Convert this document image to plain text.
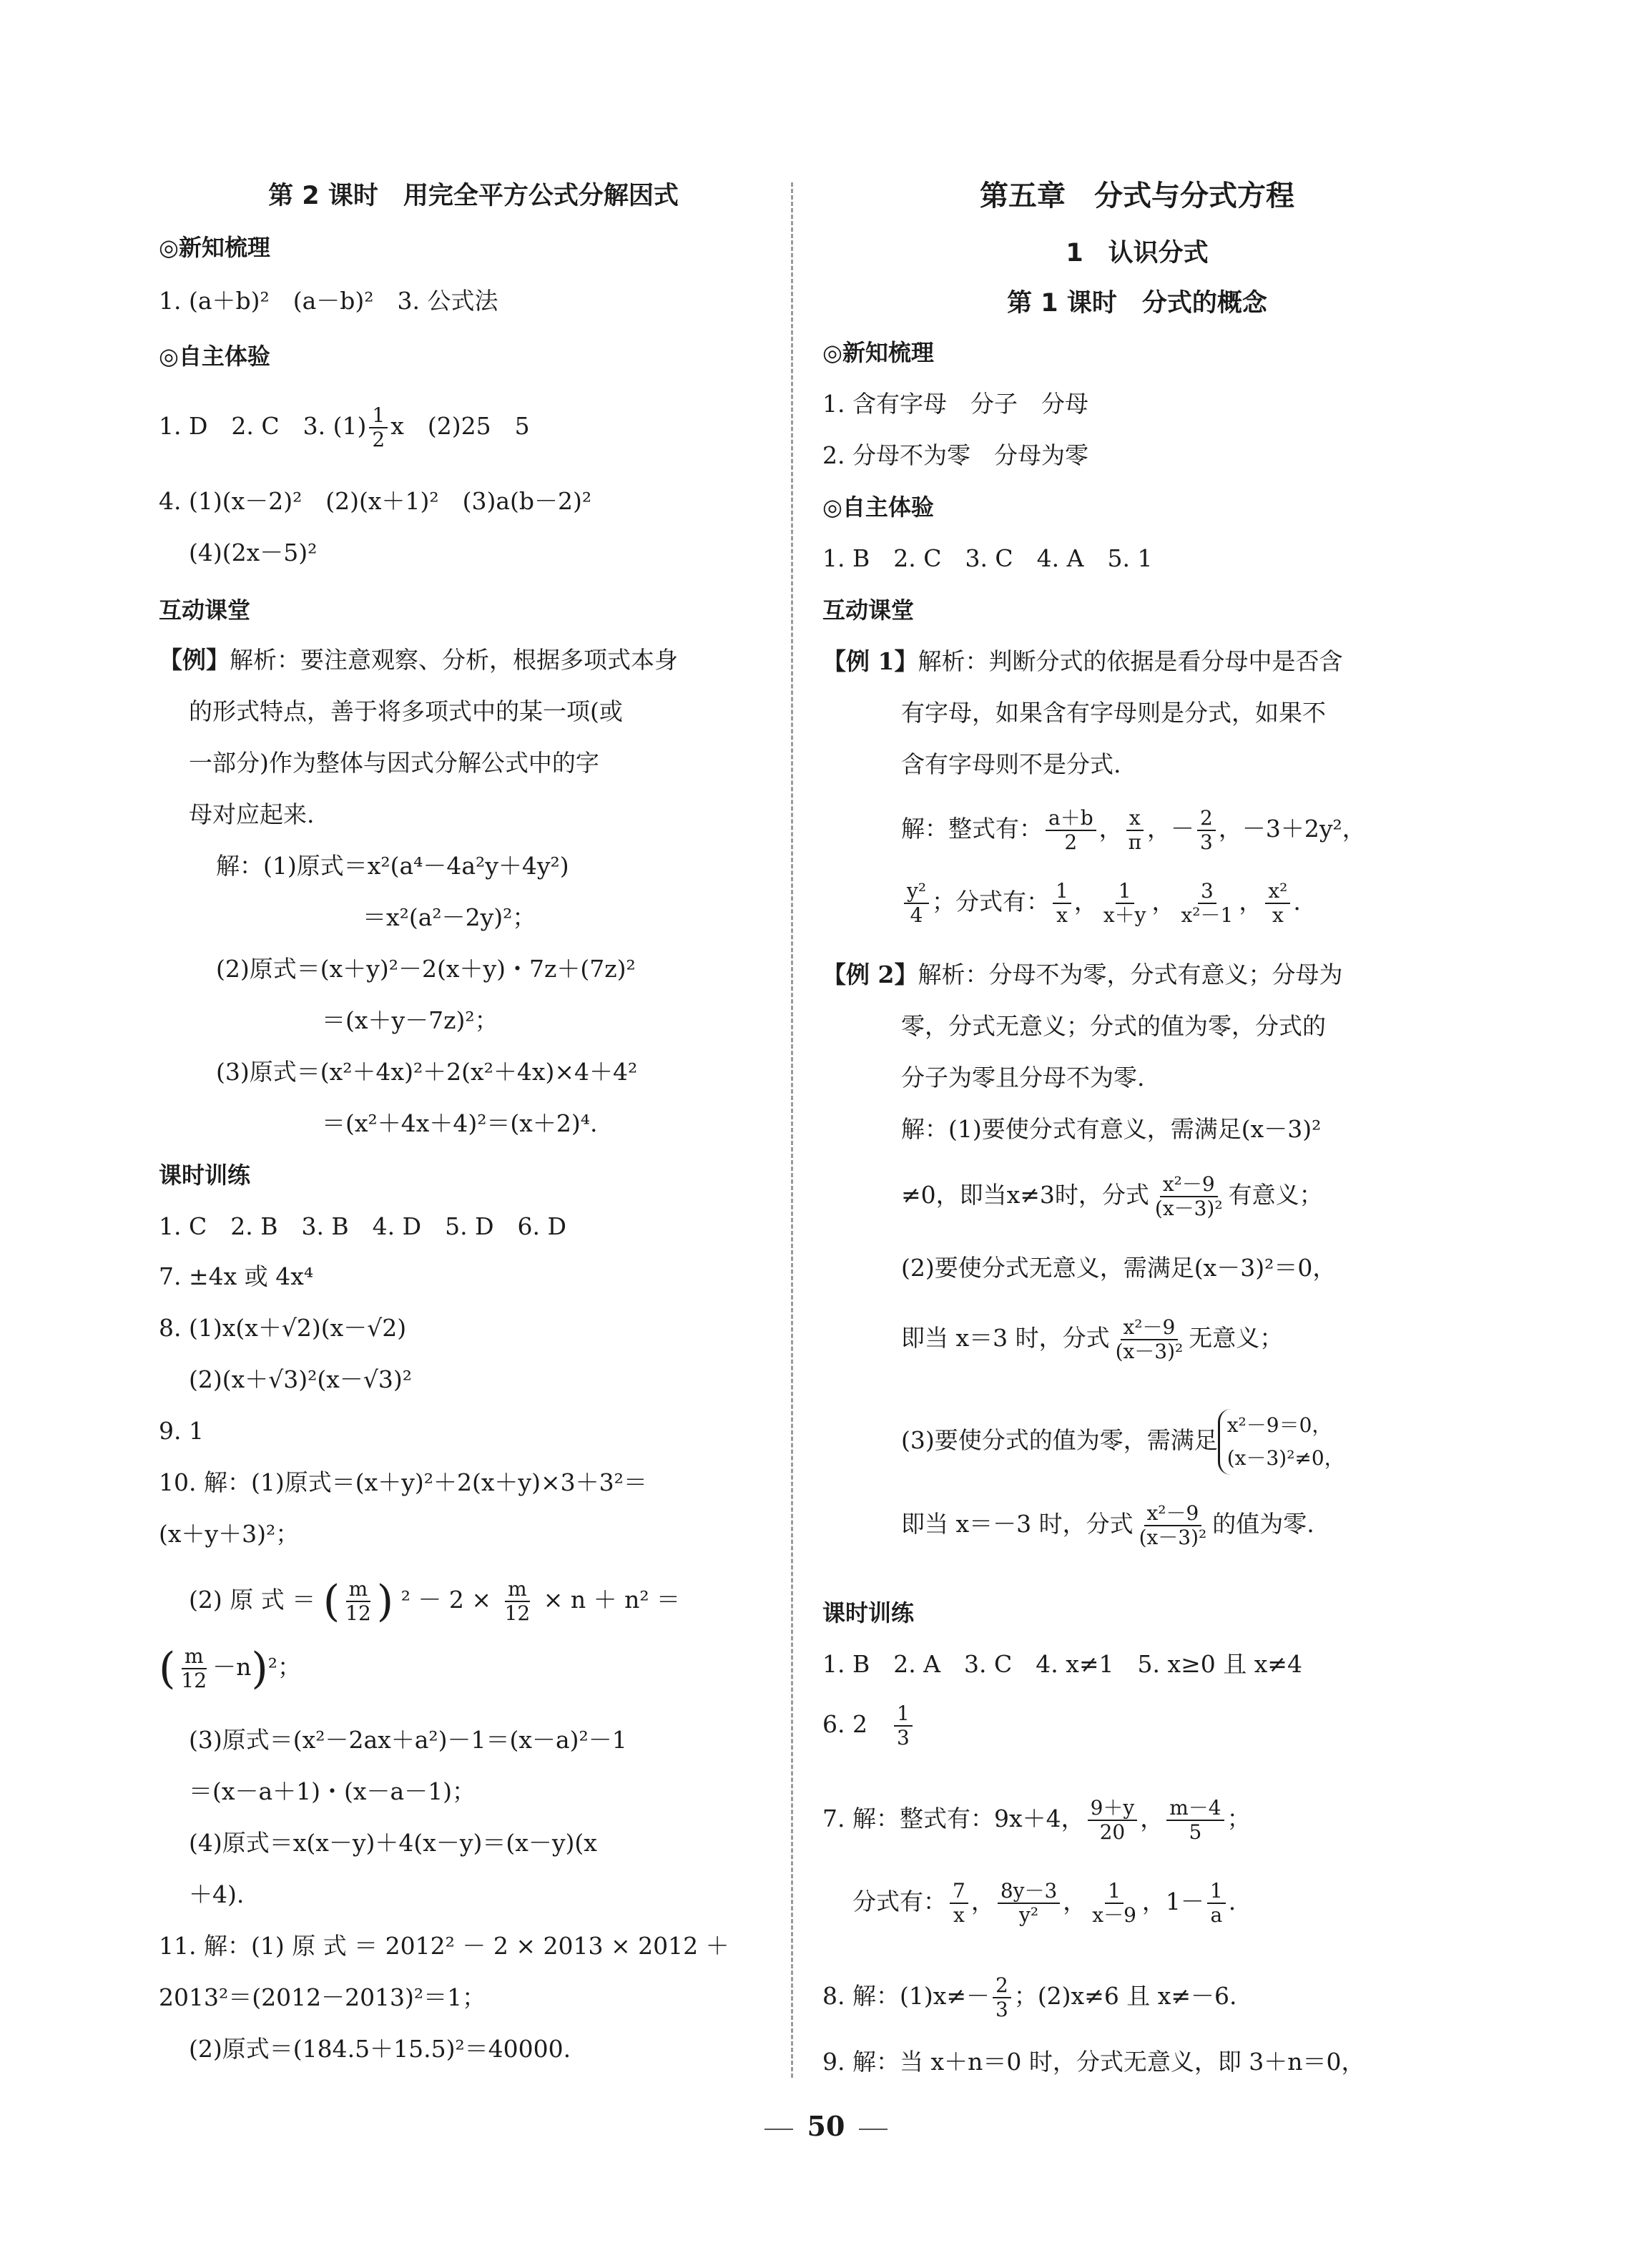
第 2 课时　用完全平方公式分解因式
◎新知梳理
1. (a＋b)²　(a－b)²　3. 公式法
◎自主体验
1. D　2. C　3. $(1) \frac{1}{2}$ x　(2)25　5
4. (1)(x－2)²　(2)(x＋1)²　(3)a(b－2)²
(4)(2x－5)²
互动课堂
【例】解析：要注意观察、分析，根据多项式本身
的形式特点，善于将多项式中的某一项(或
一部分)作为整体与因式分解公式中的字
母对应起来.
解：(1)原式＝x²(a⁴－4a²y＋4y²)
＝x²(a²－2y)²；
(2)原式＝(x＋y)²－2(x＋y)・7z＋(7z)²
＝(x＋y－7z)²；
(3)原式＝(x²＋4x)²＋2(x²＋4x)×4＋4²
＝(x²＋4x＋4)²＝(x＋2)⁴.
课时训练
1. C　2. B　3. B　4. D　5. D　6. D
7. ±4x 或 4x⁴
8. (1)x(x＋√2)(x－√2)
(2)(x＋√3)²(x－√3)²
9. 1
10. 解：(1)原式＝(x＋y)²＋2(x＋y)×3＋3²＝
(x＋y＋3)²；
(2) 原 式 ＝ ( $\frac{m}{12}$ ) $^2 - 2 \times \frac{m}{12} \times n + n^2$ ＝
( $\frac{m}{12} -n)^2$；
(3)原式＝(x²－2ax＋a²)－1＝(x－a)²－1
＝(x－a＋1)・(x－a－1)；
(4)原式＝x(x－y)＋4(x－y)＝(x－y)(x
＋4).
11. 解：(1) 原 式 ＝ 2012² － 2 × 2013 × 2012 ＋
2013²＝(2012－2013)²＝1；
(2)原式＝(184.5＋15.5)²＝40000.
第五章　分式与分式方程
1　认识分式
第 1 课时　分式的概念
◎新知梳理
1. 含有字母　分子　分母
2. 分母不为零　分母为零
◎自主体验
1. B　2. C　3. C　4. A　5. 1
互动课堂
【例 1】解析：判断分式的依据是看分母中是否含
有字母，如果含有字母则是分式，如果不
含有字母则不是分式.
解：整式有： $\frac{a+b}{2}$ ， $\frac{x}{\pi}$ ，－ $\frac{2}{3}$ ，－3＋2y²，
$\frac{\text{y²}}{4}$ ；分式有： $\frac{1}{x}$ ， $\frac{1}{x+y}$ ， $\frac{3}{\text{x²－1}}$ ， $\frac{\text{x²}}{x}$ .
【例 2】解析：分母不为零，分式有意义；分母为
零，分式无意义；分式的值为零，分式的
分子为零且分母不为零.
解：(1)要使分式有意义，需满足(x－3)²
≠0，即当x≠3时，分式 $\frac{\text{x²－9}}{\text{(x－3)²}}$ 有意义；
(2)要使分式无意义，需满足(x－3)²＝0，
即当 x＝3 时，分式 $\frac{\text{x²－9}}{\text{(x－3)²}}$ 无意义；
(3)要使分式的值为零，需满足
x²－9＝0，
(x－3)²≠0，
即当 x＝－3 时，分式 $\frac{\text{x²－9}}{\text{(x－3)²}}$ 的值为零.
课时训练
1. B　2. A　3. C　4. x≠1　5. x≥0 且 x≠4
6. 2　 $\frac{1}{3}$
7. 解：整式有：9x＋4， $\frac{9+y}{20}$ ， $\frac{m-4}{5}$ ；
分式有： $\frac{7}{x}$ ， $\frac{8y-3}{\text{y²}}$ ， $\frac{1}{x-9}$ ，$1- \frac{1}{a}$ .
8. 解：$(1)x\ne- \frac{2}{3}$ ；(2)x≠6 且 x≠－6.
9. 解：当 x＋n＝0 时，分式无意义，即 3＋n＝0，
50
